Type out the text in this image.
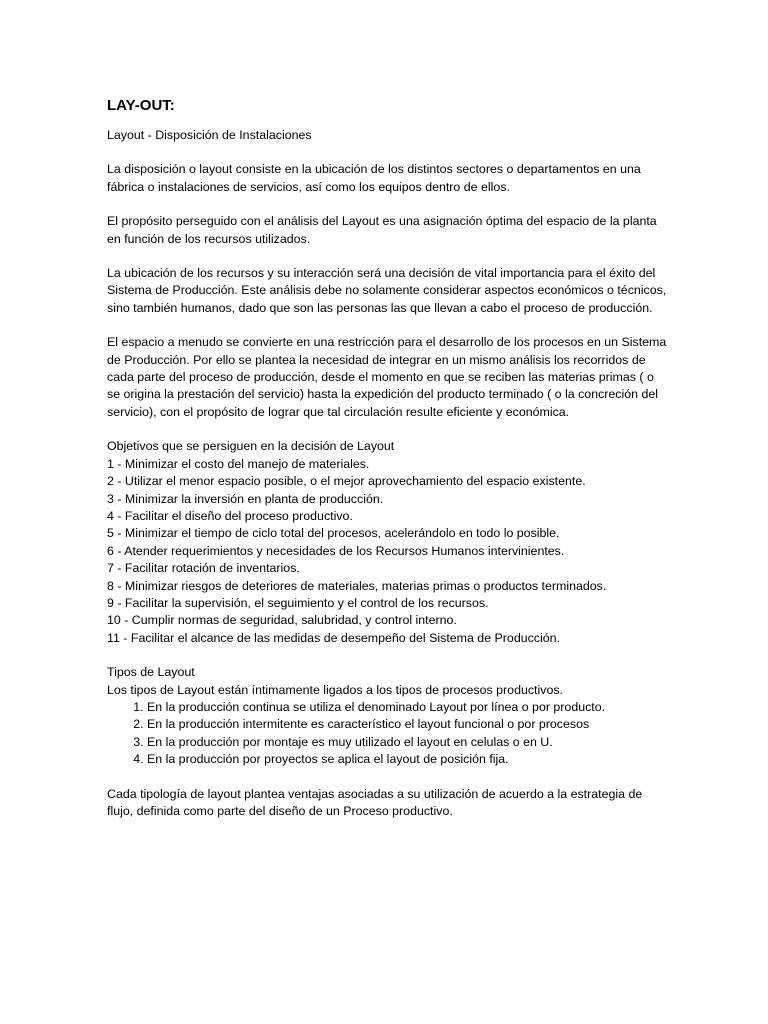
LAY-OUT:

Layout - Disposición de Instalaciones

La disposición o layout consiste en la ubicación de los distintos sectores o departamentos en una fábrica o instalaciones de servicios, así como los equipos dentro de ellos.

El propósito perseguido con el análisis del Layout es una asignación óptima del espacio de la planta en función de los recursos utilizados.

La ubicación de los recursos y su interacción será una decisión de vital importancia para el éxito del Sistema de Producción. Este análisis debe no solamente considerar aspectos económicos o técnicos, sino también humanos, dado que son las personas las que llevan a cabo el proceso de producción.

El espacio a menudo se convierte en una restricción para el desarrollo de los procesos en un Sistema de Producción. Por ello se plantea la necesidad de integrar en un mismo análisis los recorridos de cada parte del proceso de producción, desde el momento en que se reciben las materias primas ( o se origina la prestación del servicio) hasta la expedición del producto terminado ( o la concreción del servicio), con el propósito de lograr que tal circulación resulte eficiente y económica.

Objetivos que se persiguen en la decisión de Layout
1 - Minimizar el costo del manejo de materiales.
2 - Utilizar el menor espacio posible, o el mejor aprovechamiento del espacio existente.
3 - Minimizar la inversión en planta de producción.
4 - Facilitar el diseño del proceso productivo.
5 - Minimizar el tiempo de ciclo total del procesos, acelerándolo en todo lo posible.
6 - Atender requerimientos y necesidades de los Recursos Humanos intervinientes.
7 - Facilitar rotación de inventarios.
8 - Minimizar riesgos de deteriores de materiales, materias primas o productos terminados.
9 - Facilitar la supervisión, el seguimiento y el control de los recursos.
10 - Cumplir normas de seguridad, salubridad, y control interno.
11 - Facilitar el alcance de las medidas de desempeño del Sistema de Producción.
Tipos de Layout
Los tipos de Layout están íntimamente ligados a los tipos de procesos productivos.
1. En la producción continua se utiliza el denominado Layout por línea o por producto.
2. En la producción intermitente es característico el layout funcional o por procesos
3. En la producción por montaje es muy utilizado el layout en celulas o en U.
4. En la producción por proyectos se aplica el layout de posición fija.

Cada tipología de layout plantea ventajas asociadas a su utilización de acuerdo a la estrategia de flujo, definida como parte del diseño de un Proceso productivo.
